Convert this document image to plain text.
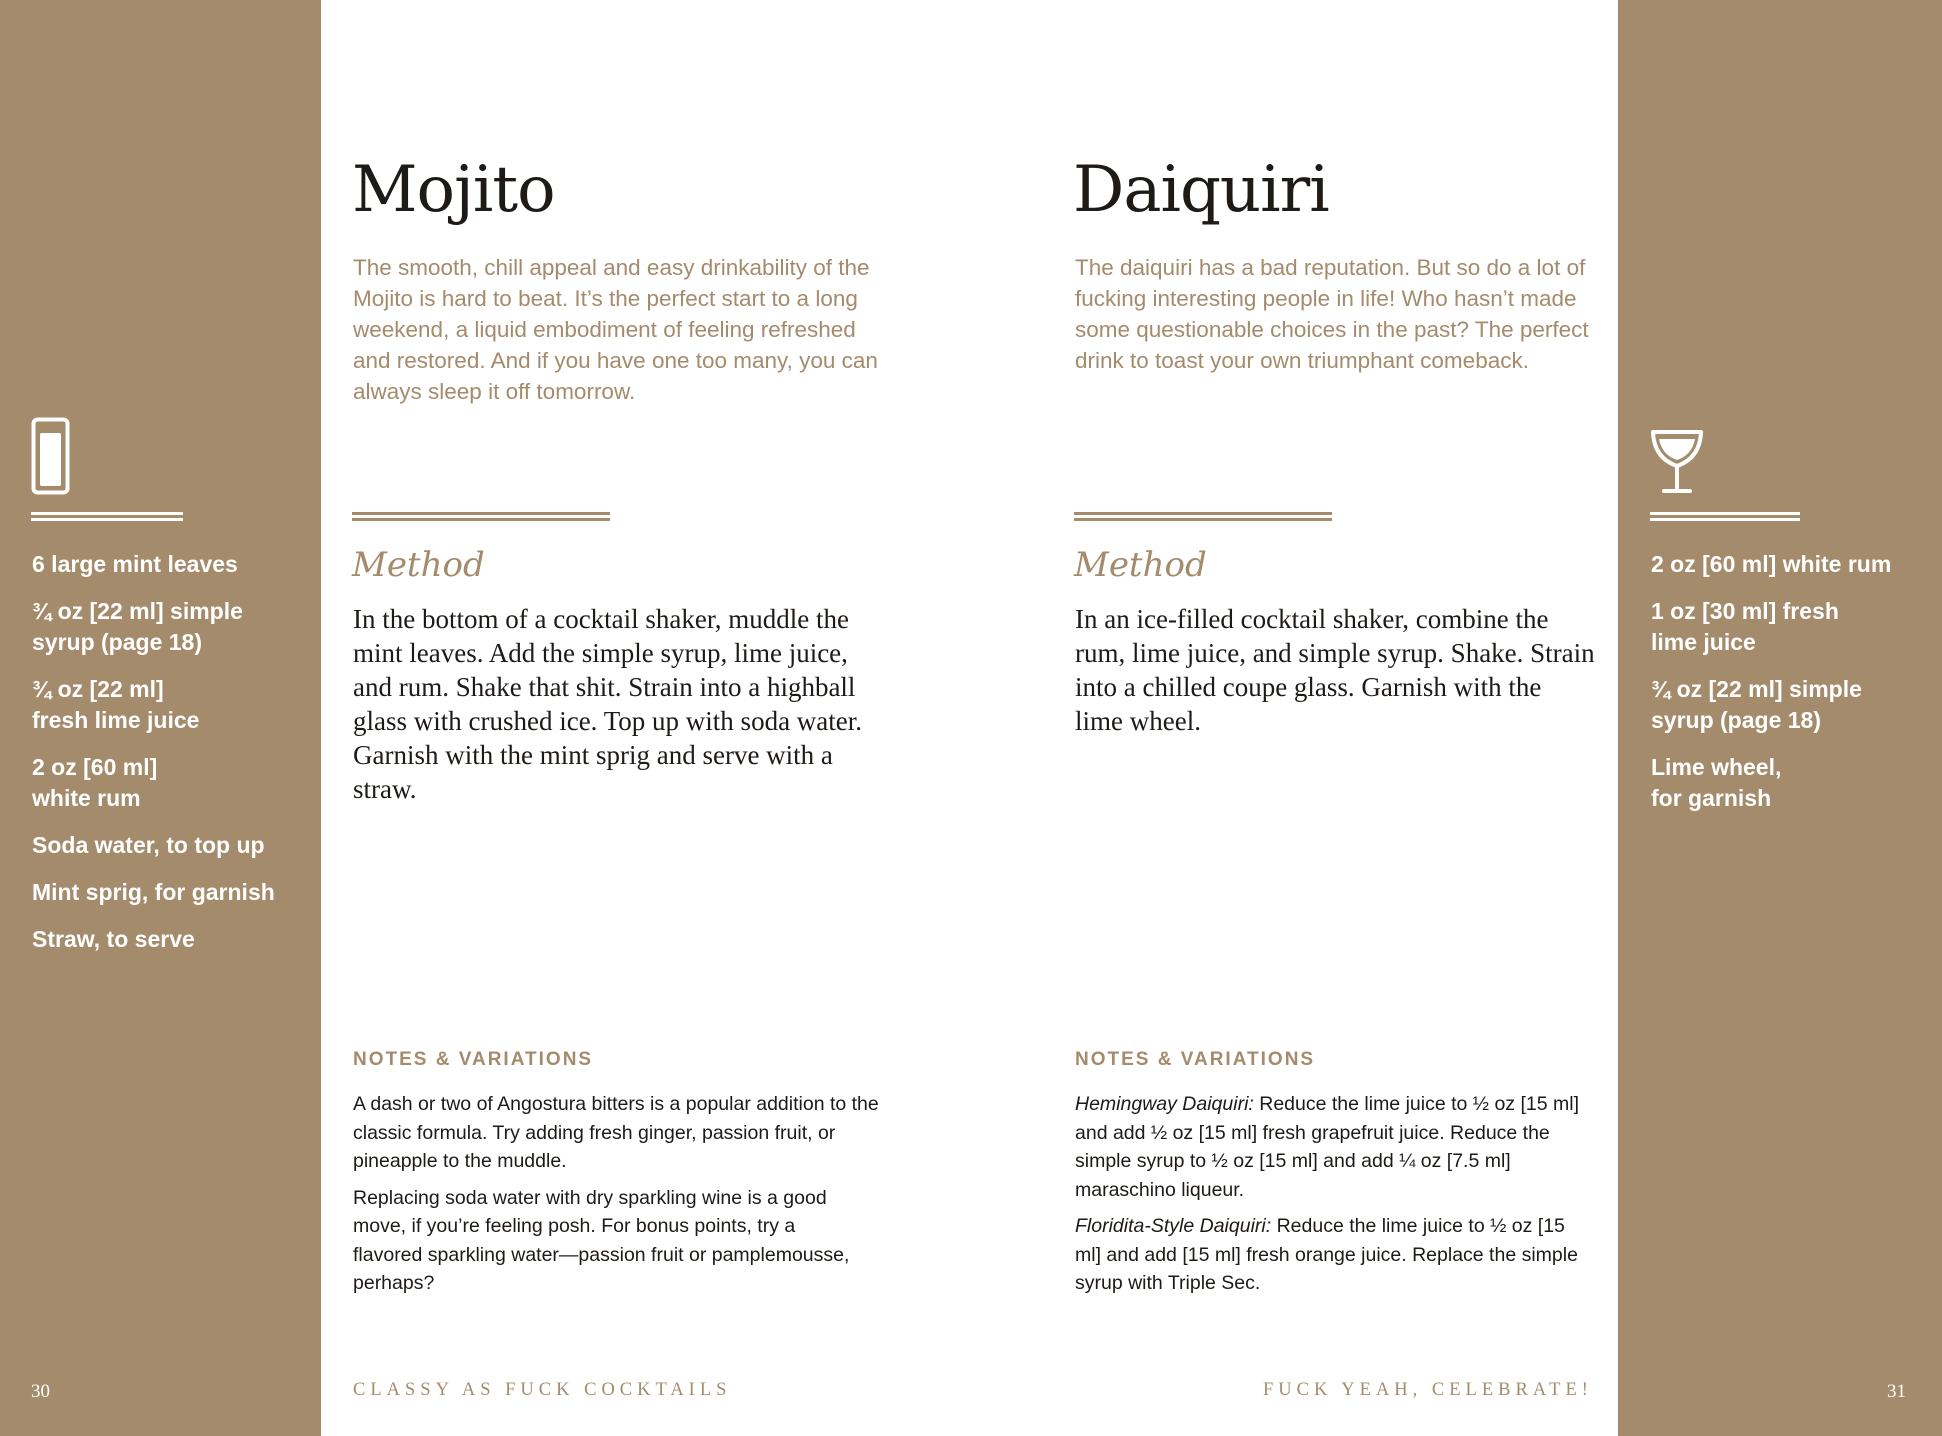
6 large mint leaves
¾ oz [22 ml] simple syrup (page 18)
¾ oz [22 ml] fresh lime juice
2 oz [60 ml] white rum
Soda water, to top up
Mint sprig, for garnish
Straw, to serve
30
Mojito

The smooth, chill appeal and easy drinkability of the Mojito is hard to beat. It’s the perfect start to a long weekend, a liquid embodiment of feeling refreshed and restored. And if you have one too many, you can always sleep it off tomorrow.

Method

In the bottom of a cocktail shaker, muddle the mint leaves. Add the simple syrup, lime juice, and rum. Shake that shit. Strain into a highball glass with crushed ice. Top up with soda water. Garnish with the mint sprig and serve with a straw.

NOTES & VARIATIONS

A dash or two of Angostura bitters is a popular addition to the classic formula. Try adding fresh ginger, passion fruit, or pineapple to the muddle.

Replacing soda water with dry sparkling wine is a good move, if you’re feeling posh. For bonus points, try a flavored sparkling water—passion fruit or pamplemousse, perhaps?

CLASSY AS FUCK COCKTAILS
Daiquiri

The daiquiri has a bad reputation. But so do a lot of fucking interesting people in life! Who hasn’t made some questionable choices in the past? The perfect drink to toast your own triumphant comeback.

Method

In an ice-filled cocktail shaker, combine the rum, lime juice, and simple syrup. Shake. Strain into a chilled coupe glass. Garnish with the lime wheel.

NOTES & VARIATIONS

Hemingway Daiquiri: Reduce the lime juice to ½ oz [15 ml] and add ½ oz [15 ml] fresh grapefruit juice. Reduce the simple syrup to ½ oz [15 ml] and add ¼ oz [7.5 ml] maraschino liqueur.

Floridita-Style Daiquiri: Reduce the lime juice to ½ oz [15 ml] and add [15 ml] fresh orange juice. Replace the simple syrup with Triple Sec.

FUCK YEAH, CELEBRATE!
2 oz [60 ml] white rum
1 oz [30 ml] fresh lime juice
¾ oz [22 ml] simple syrup (page 18)
Lime wheel, for garnish
31
